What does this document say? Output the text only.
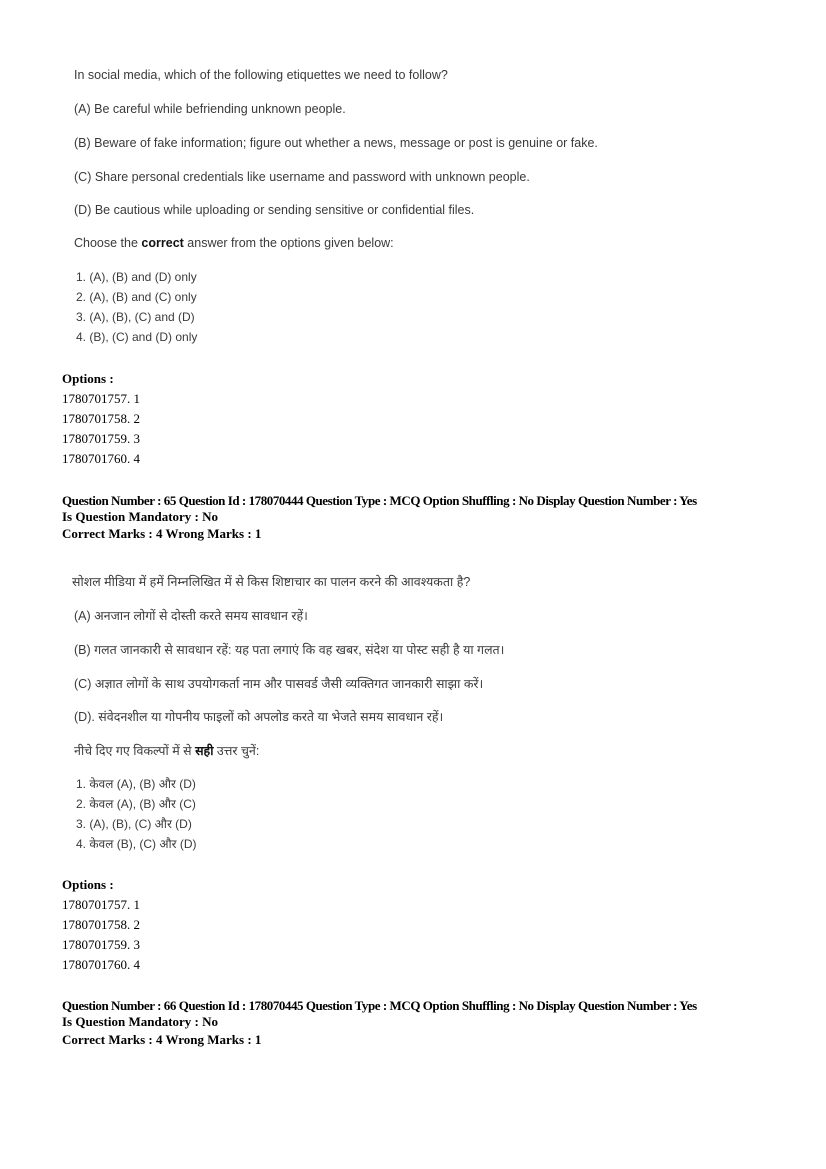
In social media, which of the following etiquettes we need to follow?
(A) Be careful while befriending unknown people.
(B) Beware of fake information; figure out whether a news, message or post is genuine or fake.
(C) Share personal credentials like username and password with unknown people.
(D) Be cautious while uploading or sending sensitive or confidential files.
Choose the correct answer from the options given below:
1. (A), (B) and (D) only
2. (A), (B) and (C) only
3. (A), (B), (C) and (D)
4. (B), (C) and (D) only
Options :
1780701757. 1
1780701758. 2
1780701759. 3
1780701760. 4
Question Number : 65 Question Id : 178070444 Question Type : MCQ Option Shuffling : No Display Question Number : Yes
Is Question Mandatory : No
Correct Marks : 4 Wrong Marks : 1
सोशल मीडिया में हमें निम्नलिखित में से किस शिष्टाचार का पालन करने की आवश्यकता है?
(A) अनजान लोगों से दोस्ती करते समय सावधान रहें।
(B) गलत जानकारी से सावधान रहें: यह पता लगाएं कि वह खबर, संदेश या पोस्ट सही है या गलत।
(C) अज्ञात लोगों के साथ उपयोगकर्ता नाम और पासवर्ड जैसी व्यक्तिगत जानकारी साझा करें।
(D). संवेदनशील या गोपनीय फाइलों को अपलोड करते या भेजते समय सावधान रहें।
नीचे दिए गए विकल्पों में से सही उत्तर चुनें:
1. केवल (A), (B) और (D)
2. केवल (A), (B) और (C)
3. (A), (B), (C) और (D)
4. केवल (B), (C) और (D)
Options :
1780701757. 1
1780701758. 2
1780701759. 3
1780701760. 4
Question Number : 66 Question Id : 178070445 Question Type : MCQ Option Shuffling : No Display Question Number : Yes
Is Question Mandatory : No
Correct Marks : 4 Wrong Marks : 1
